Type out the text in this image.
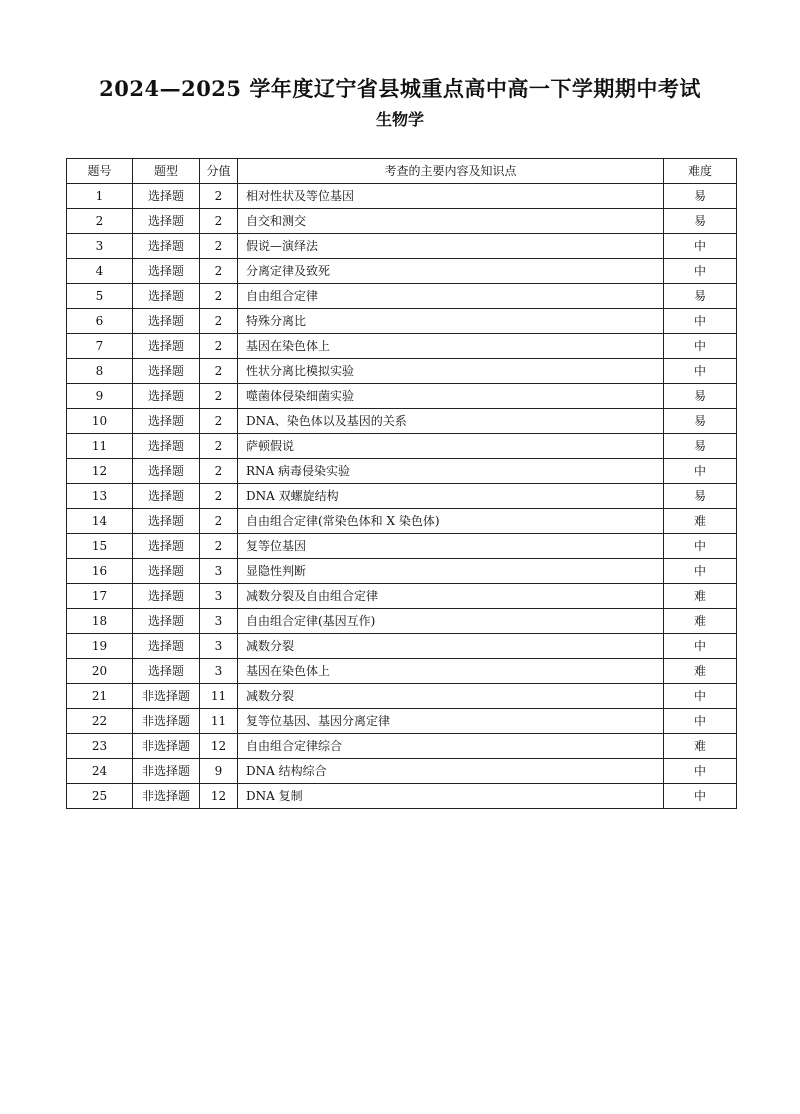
2024—2025 学年度辽宁省县城重点高中高一下学期期中考试
生物学
题号	题型	分值	考查的主要内容及知识点	难度
1	选择题	2	相对性状及等位基因	易
2	选择题	2	自交和测交	易
3	选择题	2	假说—演绎法	中
4	选择题	2	分离定律及致死	中
5	选择题	2	自由组合定律	易
6	选择题	2	特殊分离比	中
7	选择题	2	基因在染色体上	中
8	选择题	2	性状分离比模拟实验	中
9	选择题	2	噬菌体侵染细菌实验	易
10	选择题	2	DNA、染色体以及基因的关系	易
11	选择题	2	萨顿假说	易
12	选择题	2	RNA 病毒侵染实验	中
13	选择题	2	DNA 双螺旋结构	易
14	选择题	2	自由组合定律(常染色体和 X 染色体)	难
15	选择题	2	复等位基因	中
16	选择题	3	显隐性判断	中
17	选择题	3	减数分裂及自由组合定律	难
18	选择题	3	自由组合定律(基因互作)	难
19	选择题	3	减数分裂	中
20	选择题	3	基因在染色体上	难
21	非选择题	11	减数分裂	中
22	非选择题	11	复等位基因、基因分离定律	中
23	非选择题	12	自由组合定律综合	难
24	非选择题	9	DNA 结构综合	中
25	非选择题	12	DNA 复制	中
